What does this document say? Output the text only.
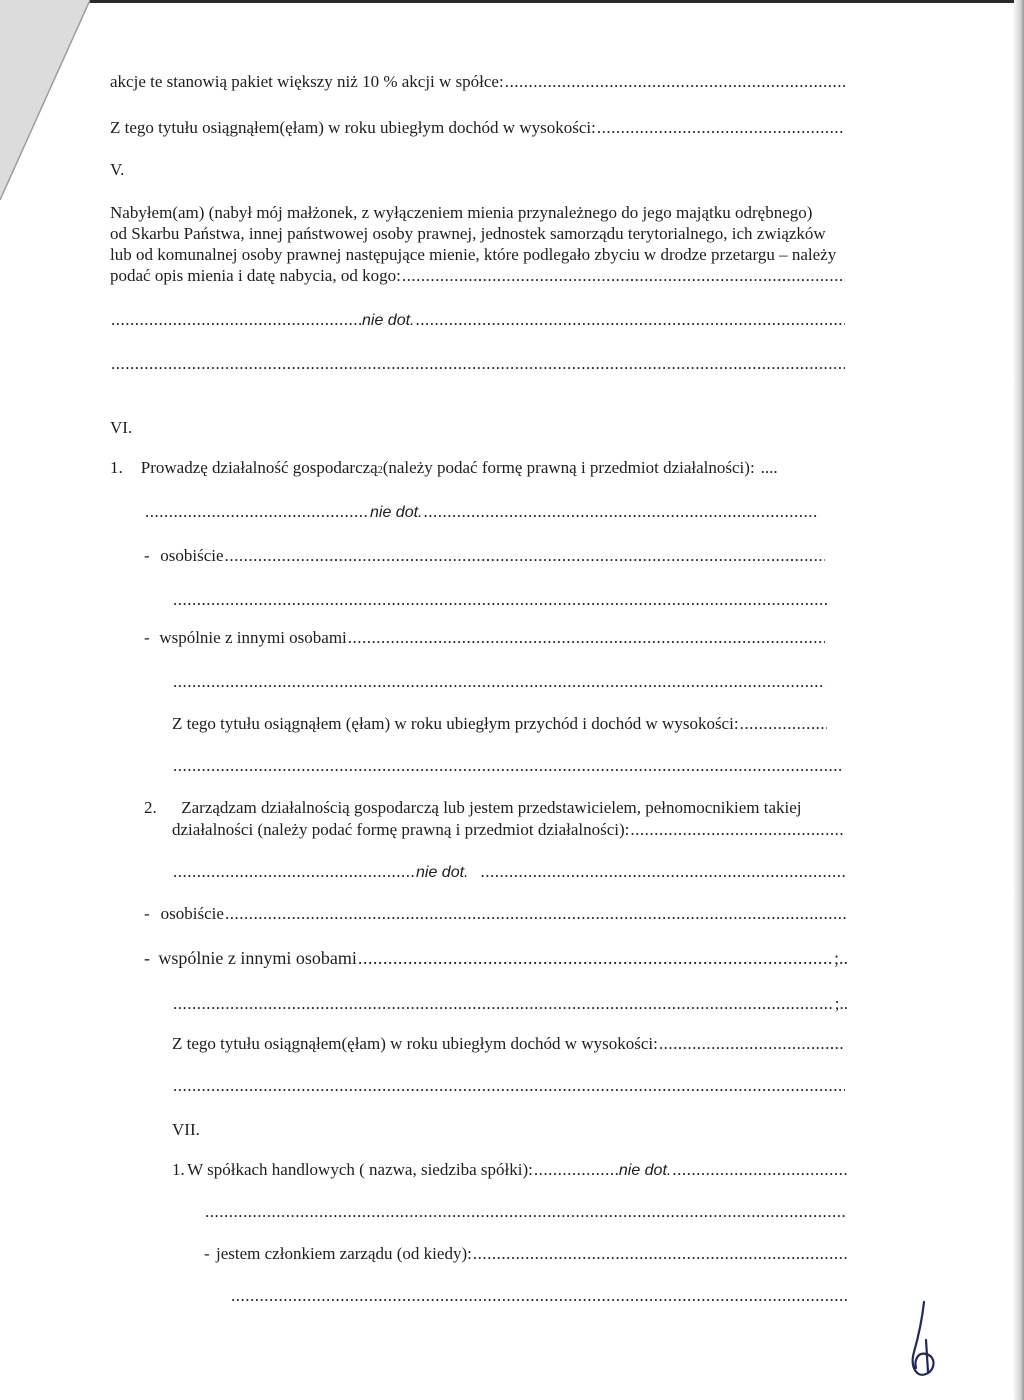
akcje te stanowią pakiet większy niż 10 % akcji w spółce:
.....
Z tego tytułu osiągnąłem(ęłam) w roku ubiegłym dochód w wysokości:
.....
V.
Nabyłem(am) (nabył mój małżonek, z wyłączeniem mienia przynależnego do jego majątku odrębnego)
od Skarbu Państwa, innej państwowej osoby prawnej, jednostek samorządu terytorialnego, ich związków
lub od komunalnej osoby prawnej następujące mienie, które podlegało zbyciu w drodze przetargu – należy
podać opis mienia i datę nabycia, od kogo:
.....
.....
nie dot.
.....
.....
VI.
1. Prowadzę działalność gospodarczą 2 (należy podać formę prawną i przedmiot działalności): ....
.....
nie dot.
.....
- osobiście
.....
.....
- wspólnie z innymi osobami
.....
.....
Z tego tytułu osiągnąłem (ęłam) w roku ubiegłym przychód i dochód w wysokości:
.....
.....
2. Zarządzam działalnością gospodarczą lub jestem przedstawicielem, pełnomocnikiem takiej
działalności (należy podać formę prawną i przedmiot działalności):
.....
.....
nie dot.
.....
- osobiście
.....
- wspólnie z innymi osobami .....	;..
.....
;..
Z tego tytułu osiągnąłem(ęłam) w roku ubiegłym dochód w wysokości:
.....
.....
VII.
1. W spółkach handlowych ( nazwa, siedziba spółki): .....	nie dot.
.....
.....
- jestem członkiem zarządu (od kiedy):
.....
.....
